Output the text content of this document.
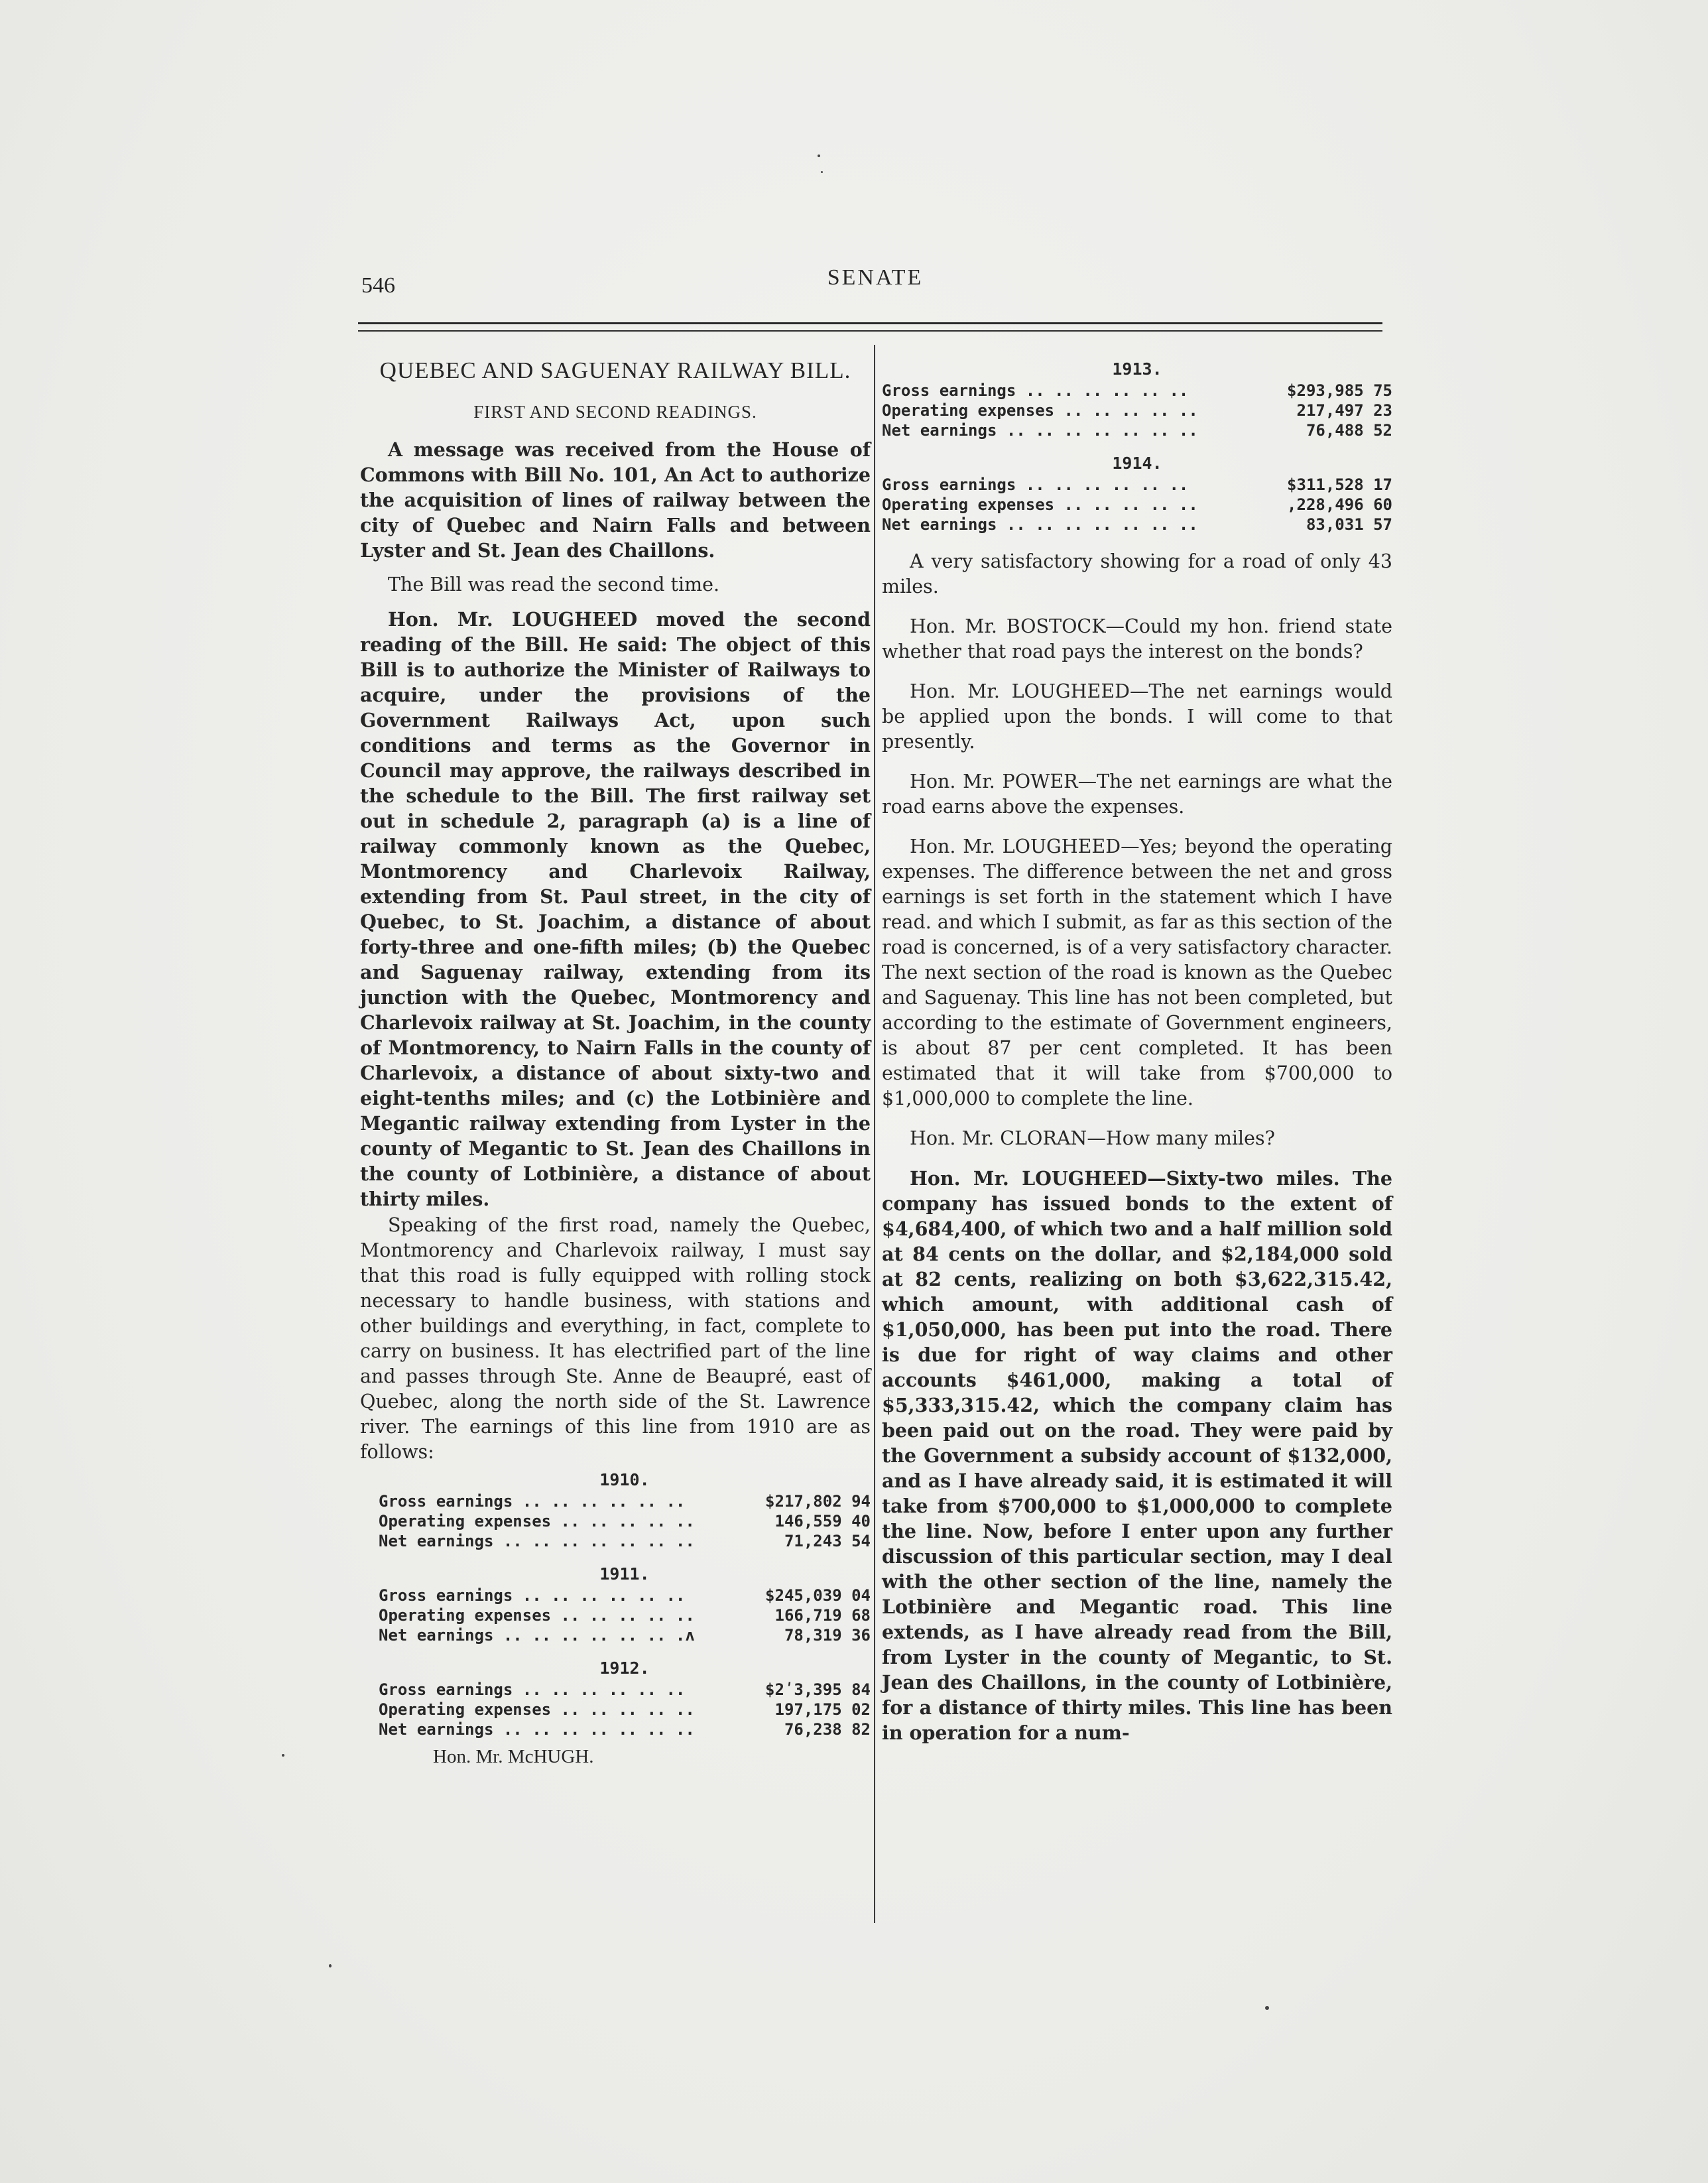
546	SENATE

QUEBEC AND SAGUENAY RAILWAY BILL.

FIRST AND SECOND READINGS.

A message was received from the House of Commons with Bill No. 101, An Act to authorize the acquisition of lines of railway between the city of Quebec and Nairn Falls and between Lyster and St. Jean des Chaillons.

The Bill was read the second time.

Hon. Mr. LOUGHEED moved the second reading of the Bill. He said: The object of this Bill is to authorize the Minister of Railways to acquire, under the provisions of the Government Railways Act, upon such conditions and terms as the Governor in Council may approve, the railways described in the schedule to the Bill. The first railway set out in schedule 2, paragraph (a) is a line of railway commonly known as the Quebec, Montmorency and Charlevoix Railway, extending from St. Paul street, in the city of Quebec, to St. Joachim, a distance of about forty-three and one-fifth miles; (b) the Quebec and Saguenay railway, extending from its junction with the Quebec, Montmorency and Charlevoix railway at St. Joachim, in the county of Montmorency, to Nairn Falls in the county of Charlevoix, a distance of about sixty-two and eight-tenths miles; and (c) the Lotbinière and Megantic railway extending from Lyster in the county of Megantic to St. Jean des Chaillons in the county of Lotbinière, a distance of about thirty miles.

Speaking of the first road, namely the Quebec, Montmorency and Charlevoix railway, I must say that this road is fully equipped with rolling stock necessary to handle business, with stations and other buildings and everything, in fact, complete to carry on business. It has electrified part of the line and passes through Ste. Anne de Beaupré, east of Quebec, along the north side of the St. Lawrence river. The earnings of this line from 1910 are as follows:

1910.

Gross earnings .. .. .. .. .. ..	$217,802 94
Operating expenses .. .. .. .. ..	146,559 40
Net earnings .. .. .. .. .. .. ..	71,243 54

1911.

Gross earnings .. .. .. .. .. ..	$245,039 04
Operating expenses .. .. .. .. ..	166,719 68
Net earnings .. .. .. .. .. .. .ʌ	78,319 36

1912.

Gross earnings .. .. .. .. .. ..	$2ʹ3,395 84
Operating expenses .. .. .. .. ..	197,175 02
Net earnings .. .. .. .. .. .. ..	76,238 82

Hon. Mr. McHUGH.

1913.

Gross earnings .. .. .. .. .. ..	$293,985 75
Operating expenses .. .. .. .. ..	217,497 23
Net earnings .. .. .. .. .. .. ..	76,488 52

1914.

Gross earnings .. .. .. .. .. ..	$311,528 17
Operating expenses .. .. .. .. ..	,228,496 60
Net earnings .. .. .. .. .. .. ..	83,031 57

A very satisfactory showing for a road of only 43 miles.

Hon. Mr. BOSTOCK—Could my hon. friend state whether that road pays the interest on the bonds?

Hon. Mr. LOUGHEED—The net earnings would be applied upon the bonds. I will come to that presently.

Hon. Mr. POWER—The net earnings are what the road earns above the expenses.

Hon. Mr. LOUGHEED—Yes; beyond the operating expenses. The difference between the net and gross earnings is set forth in the statement which I have read. and which I submit, as far as this section of the road is concerned, is of a very satisfactory character. The next section of the road is known as the Quebec and Saguenay. This line has not been completed, but according to the estimate of Government engineers, is about 87 per cent completed. It has been estimated that it will take from $700,000 to $1,000,000 to complete the line.

Hon. Mr. CLORAN—How many miles?

Hon. Mr. LOUGHEED—Sixty-two miles. The company has issued bonds to the extent of $4,684,400, of which two and a half million sold at 84 cents on the dollar, and $2,184,000 sold at 82 cents, realizing on both $3,622,315.42, which amount, with additional cash of $1,050,000, has been put into the road. There is due for right of way claims and other accounts $461,000, making a total of $5,333,315.42, which the company claim has been paid out on the road. They were paid by the Government a subsidy account of $132,000, and as I have already said, it is estimated it will take from $700,000 to $1,000,000 to complete the line. Now, before I enter upon any further discussion of this particular section, may I deal with the other section of the line, namely the Lotbinière and Megantic road. This line extends, as I have already read from the Bill, from Lyster in the county of Megantic, to St. Jean des Chaillons, in the county of Lotbinière, for a distance of thirty miles. This line has been in operation for a num-
